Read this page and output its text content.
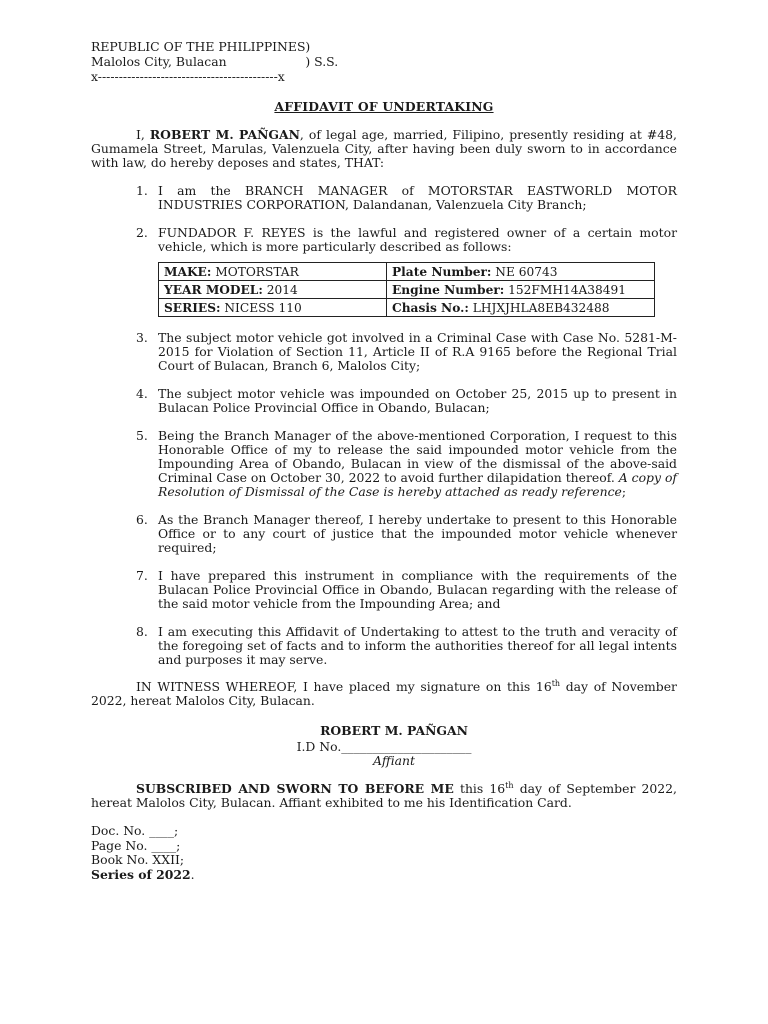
REPUBLIC OF THE PHILIPPINES)
Malolos City, Bulacan                    ) S.S.
x-------------------------------------------x
AFFIDAVIT OF UNDERTAKING

I, ROBERT M. PAÑGAN, of legal age, married, Filipino, presently residing at #48, Gumamela Street, Marulas, Valenzuela City, after having been duly sworn to in accordance with law, do hereby deposes and states, THAT:

1. I am the BRANCH MANAGER of MOTORSTAR EASTWORLD MOTOR INDUSTRIES CORPORATION, Dalandanan, Valenzuela City Branch;
2. FUNDADOR F. REYES is the lawful and registered owner of a certain motor vehicle, which is more particularly described as follows:
MAKE: MOTORSTAR	Plate Number: NE 60743
YEAR MODEL: 2014	Engine Number: 152FMH14A38491
SERIES: NICESS 110	Chasis No.: LHJXJHLA8EB432488
3. The subject motor vehicle got involved in a Criminal Case with Case No. 5281-M-2015 for Violation of Section 11, Article II of R.A 9165 before the Regional Trial Court of Bulacan, Branch 6, Malolos City;
4. The subject motor vehicle was impounded on October 25, 2015 up to present in Bulacan Police Provincial Office in Obando, Bulacan;
5. Being the Branch Manager of the above-mentioned Corporation, I request to this Honorable Office of my to release the said impounded motor vehicle from the Impounding Area of Obando, Bulacan in view of the dismissal of the above-said Criminal Case on October 30, 2022 to avoid further dilapidation thereof. A copy of Resolution of Dismissal of the Case is hereby attached as ready reference;
6. As the Branch Manager thereof, I hereby undertake to present to this Honorable Office or to any court of justice that the impounded motor vehicle whenever required;
7. I have prepared this instrument in compliance with the requirements of the Bulacan Police Provincial Office in Obando, Bulacan regarding with the release of the said motor vehicle from the Impounding Area; and
8. I am executing this Affidavit of Undertaking to attest to the truth and veracity of the foregoing set of facts and to inform the authorities thereof for all legal intents and purposes it may serve.

IN WITNESS WHEREOF, I have placed my signature on this 16th day of November 2022, hereat Malolos City, Bulacan.

ROBERT M. PAÑGAN
I.D No._____________________
Affiant

SUBSCRIBED AND SWORN TO BEFORE ME this 16th day of September 2022, hereat Malolos City, Bulacan. Affiant exhibited to me his Identification Card.

Doc. No. ____;
Page No. ____;
Book No. XXII;
Series of 2022.
